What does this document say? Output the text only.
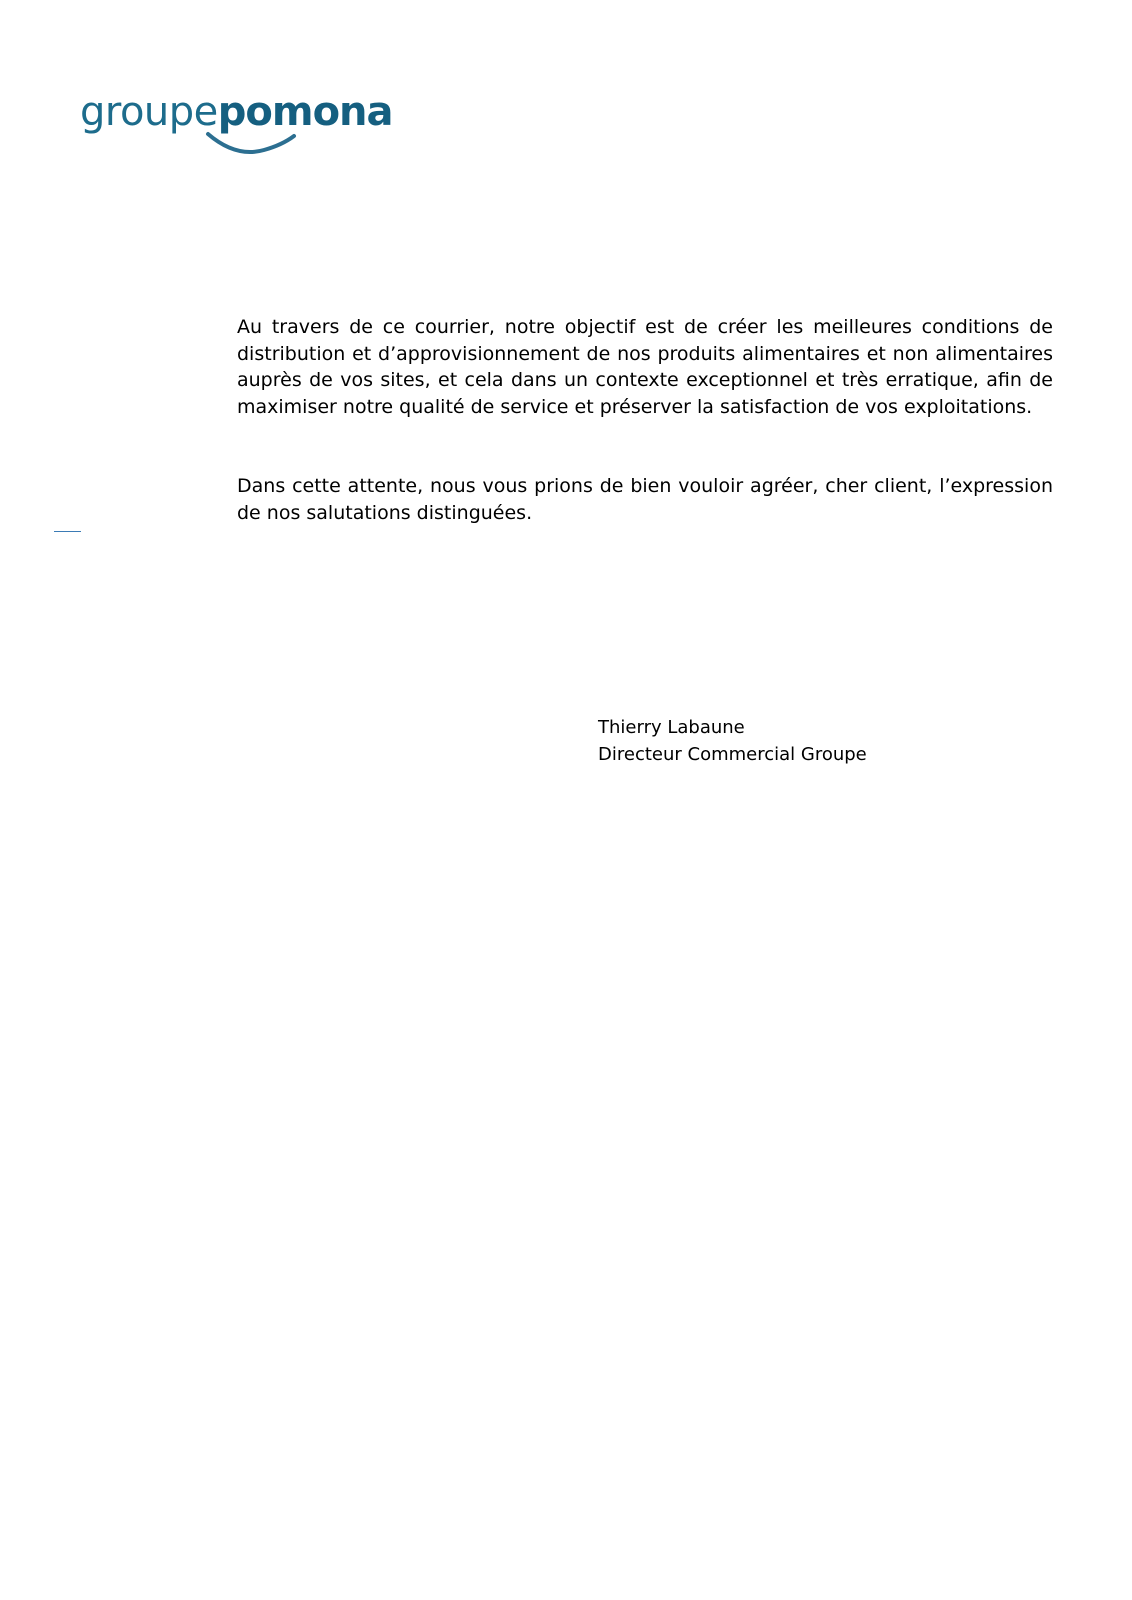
groupepomona

Au travers de ce courrier, notre objectif est de créer les meilleures conditions de distribution et d’approvisionnement de nos produits alimentaires et non alimentaires auprès de vos sites, et cela dans un contexte exceptionnel et très erratique, afin de maximiser notre qualité de service et préserver la satisfaction de vos exploitations.

Dans cette attente, nous vous prions de bien vouloir agréer, cher client, l’expression de nos salutations distinguées.

Thierry Labaune
Directeur Commercial Groupe
